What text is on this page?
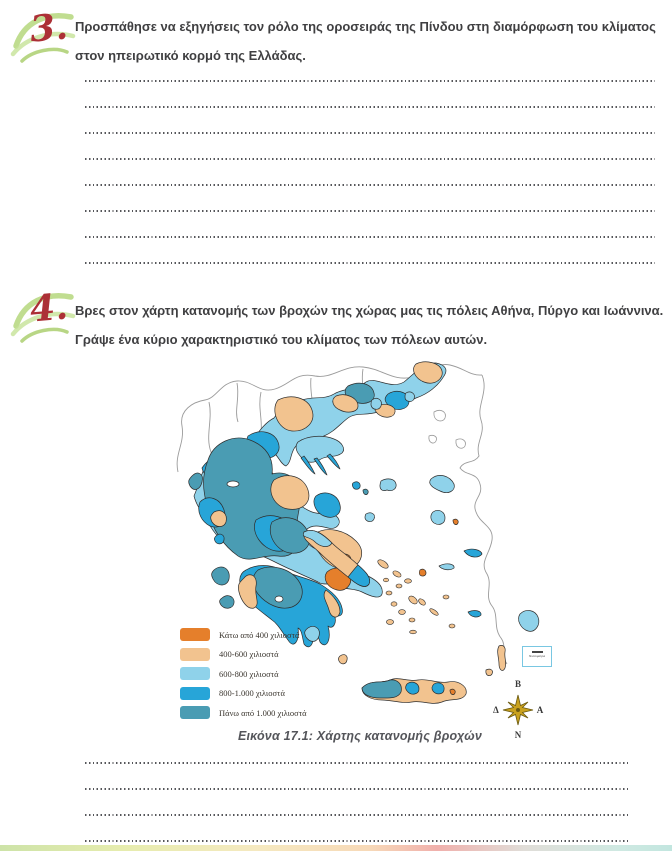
3. Προσπάθησε να εξηγήσεις τον ρόλο της οροσειράς της Πίνδου στη διαμόρφωση του κλίματος
στον ηπειρωτικό κορμό της Ελλάδας.
4. Βρες στον χάρτη κατανομής των βροχών της χώρας μας τις πόλεις Αθήνα, Πύργο και Ιωάννινα.
Γράψε ένα κύριο χαρακτηριστικό του κλίματος των πόλεων αυτών.
Κάτω από 400 χιλιοστά
400-600 χιλιοστά
600-800 χιλιοστά
800-1.000 χιλιοστά
Πάνω από 1.000 χιλιοστά
Χιλιόμετρα
Β
Ν
Δ	Α
Εικόνα 17.1: Χάρτης κατανομής βροχών
